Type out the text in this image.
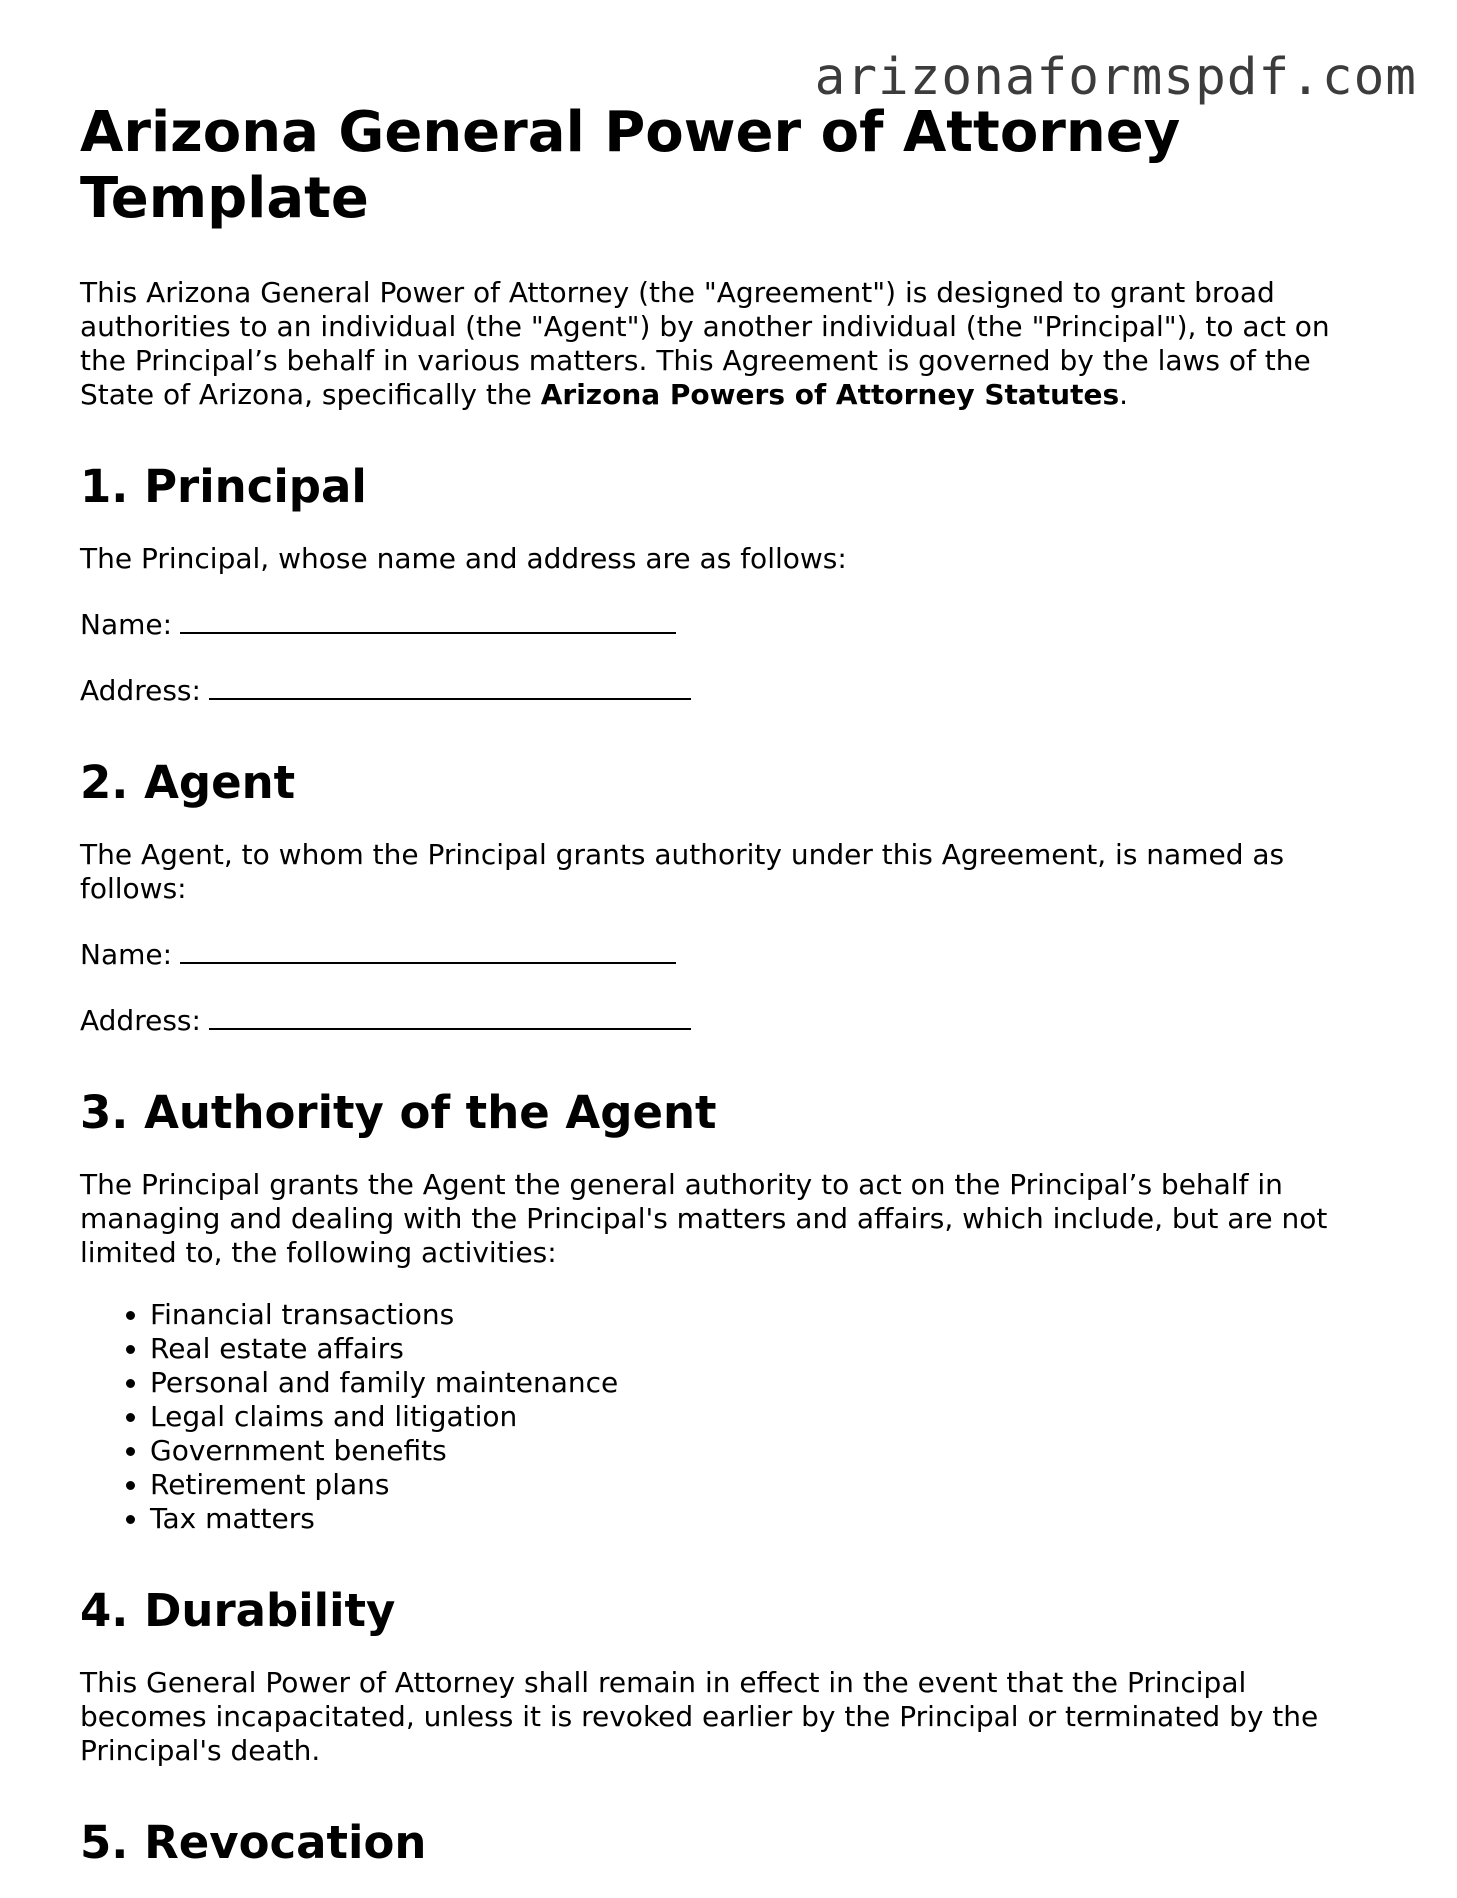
arizonaformspdf.com
Arizona General Power of Attorney Template

This Arizona General Power of Attorney (the "Agreement") is designed to grant broad authorities to an individual (the "Agent") by another individual (the "Principal"), to act on the Principal’s behalf in various matters. This Agreement is governed by the laws of the State of Arizona, specifically the Arizona Powers of Attorney Statutes.

1. Principal

The Principal, whose name and address are as follows:

Name:
Address:
2. Agent

The Agent, to whom the Principal grants authority under this Agreement, is named as follows:

Name:
Address:
3. Authority of the Agent

The Principal grants the Agent the general authority to act on the Principal’s behalf in managing and dealing with the Principal's matters and affairs, which include, but are not limited to, the following activities:

• Financial transactions
• Real estate affairs
• Personal and family maintenance
• Legal claims and litigation
• Government benefits
• Retirement plans
• Tax matters
4. Durability

This General Power of Attorney shall remain in effect in the event that the Principal becomes incapacitated, unless it is revoked earlier by the Principal or terminated by the Principal's death.

5. Revocation
